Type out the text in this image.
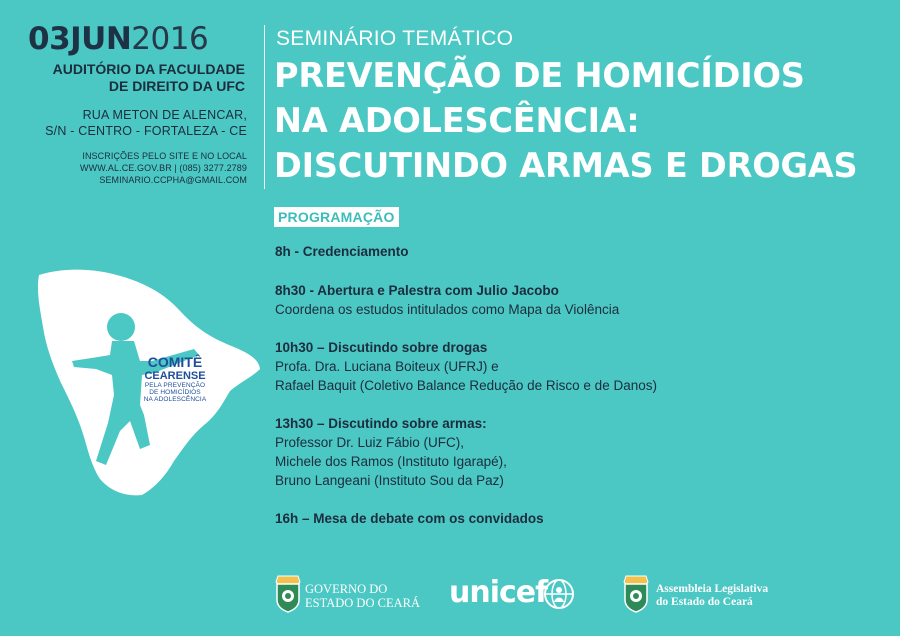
03JUN2016
AUDITÓRIO DA FACULDADE
DE DIREITO DA UFC
RUA METON DE ALENCAR,
S/N - CENTRO - FORTALEZA - CE
INSCRIÇÕES PELO SITE E NO LOCAL
WWW.AL.CE.GOV.BR | (085) 3277.2789
SEMINARIO.CCPHA@GMAIL.COM
SEMINÁRIO TEMÁTICO
PREVENÇÃO DE HOMICÍDIOS
NA ADOLESCÊNCIA:
DISCUTINDO ARMAS E DROGAS
PROGRAMAÇÃO
8h - Credenciamento
8h30 - Abertura e Palestra com Julio Jacobo
Coordena os estudos intitulados como Mapa da Violência
10h30 – Discutindo sobre drogas
Profa. Dra. Luciana Boiteux (UFRJ) e
Rafael Baquit (Coletivo Balance Redução de Risco e de Danos)
13h30 – Discutindo sobre armas:
Professor Dr. Luiz Fábio (UFC),
Michele dos Ramos (Instituto Igarapé),
Bruno Langeani (Instituto Sou da Paz)
16h – Mesa de debate com os convidados
COMITÊ
CEARENSE
PELA PREVENÇÃO
DE HOMICÍDIOS
NA ADOLESCÊNCIA
GOVERNO DO
ESTADO DO CEARÁ unicef	Assembleia Legislativa
do Estado do Ceará
